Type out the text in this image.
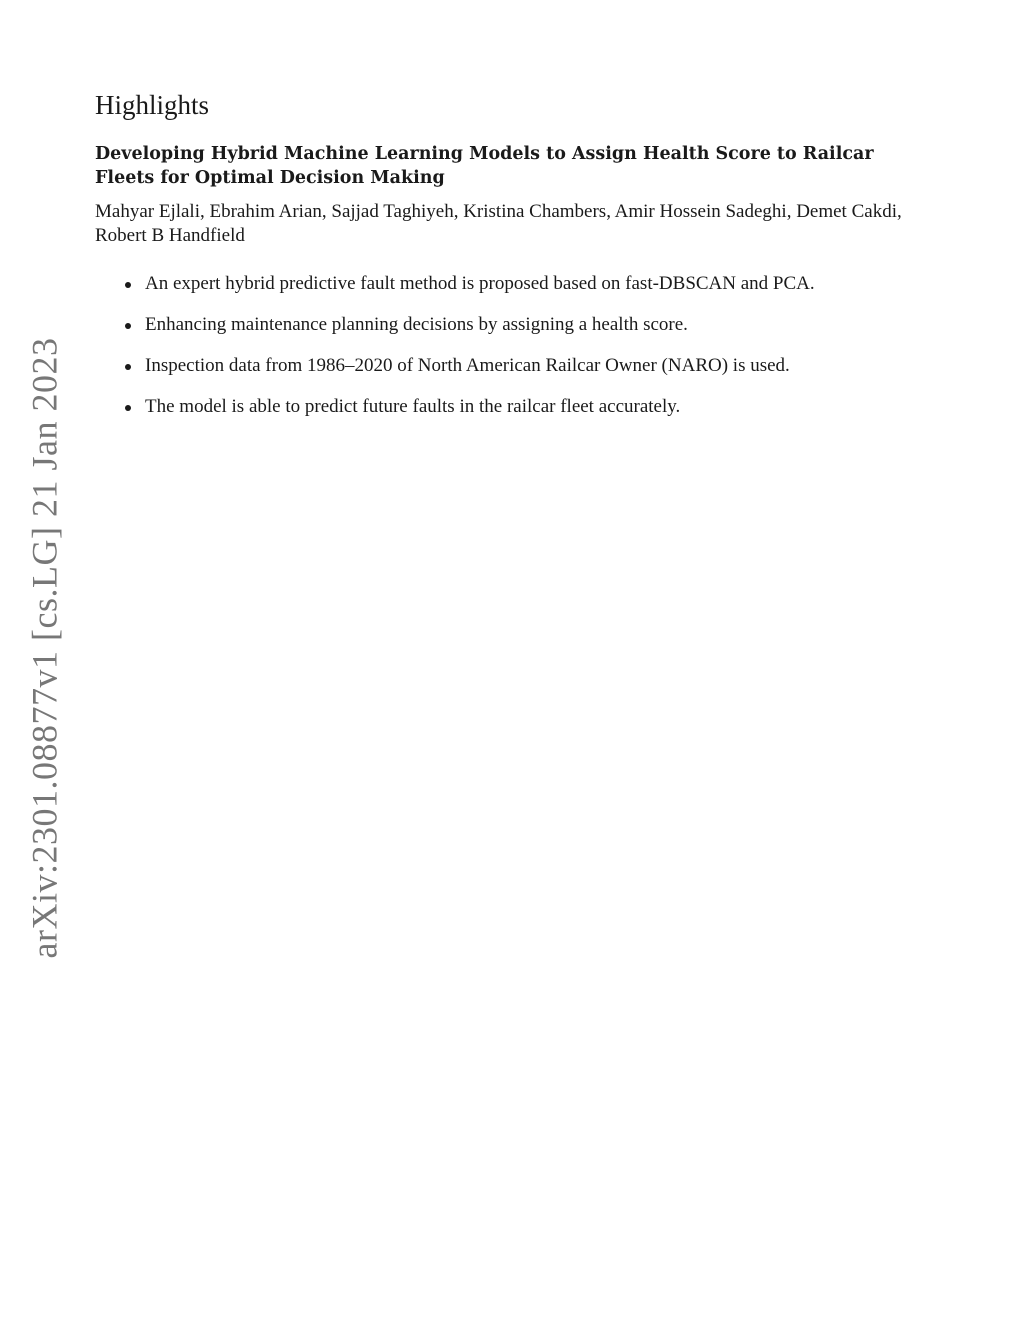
arXiv:2301.08877v1 [cs.LG] 21 Jan 2023
Highlights
Developing Hybrid Machine Learning Models to Assign Health Score to Railcar Fleets for Optimal Decision Making

Mahyar Ejlali, Ebrahim Arian, Sajjad Taghiyeh, Kristina Chambers, Amir Hossein Sadeghi, Demet Cakdi, Robert B Handfield

An expert hybrid predictive fault method is proposed based on fast-DBSCAN and PCA.
Enhancing maintenance planning decisions by assigning a health score.
Inspection data from 1986–2020 of North American Railcar Owner (NARO) is used.
The model is able to predict future faults in the railcar fleet accurately.
